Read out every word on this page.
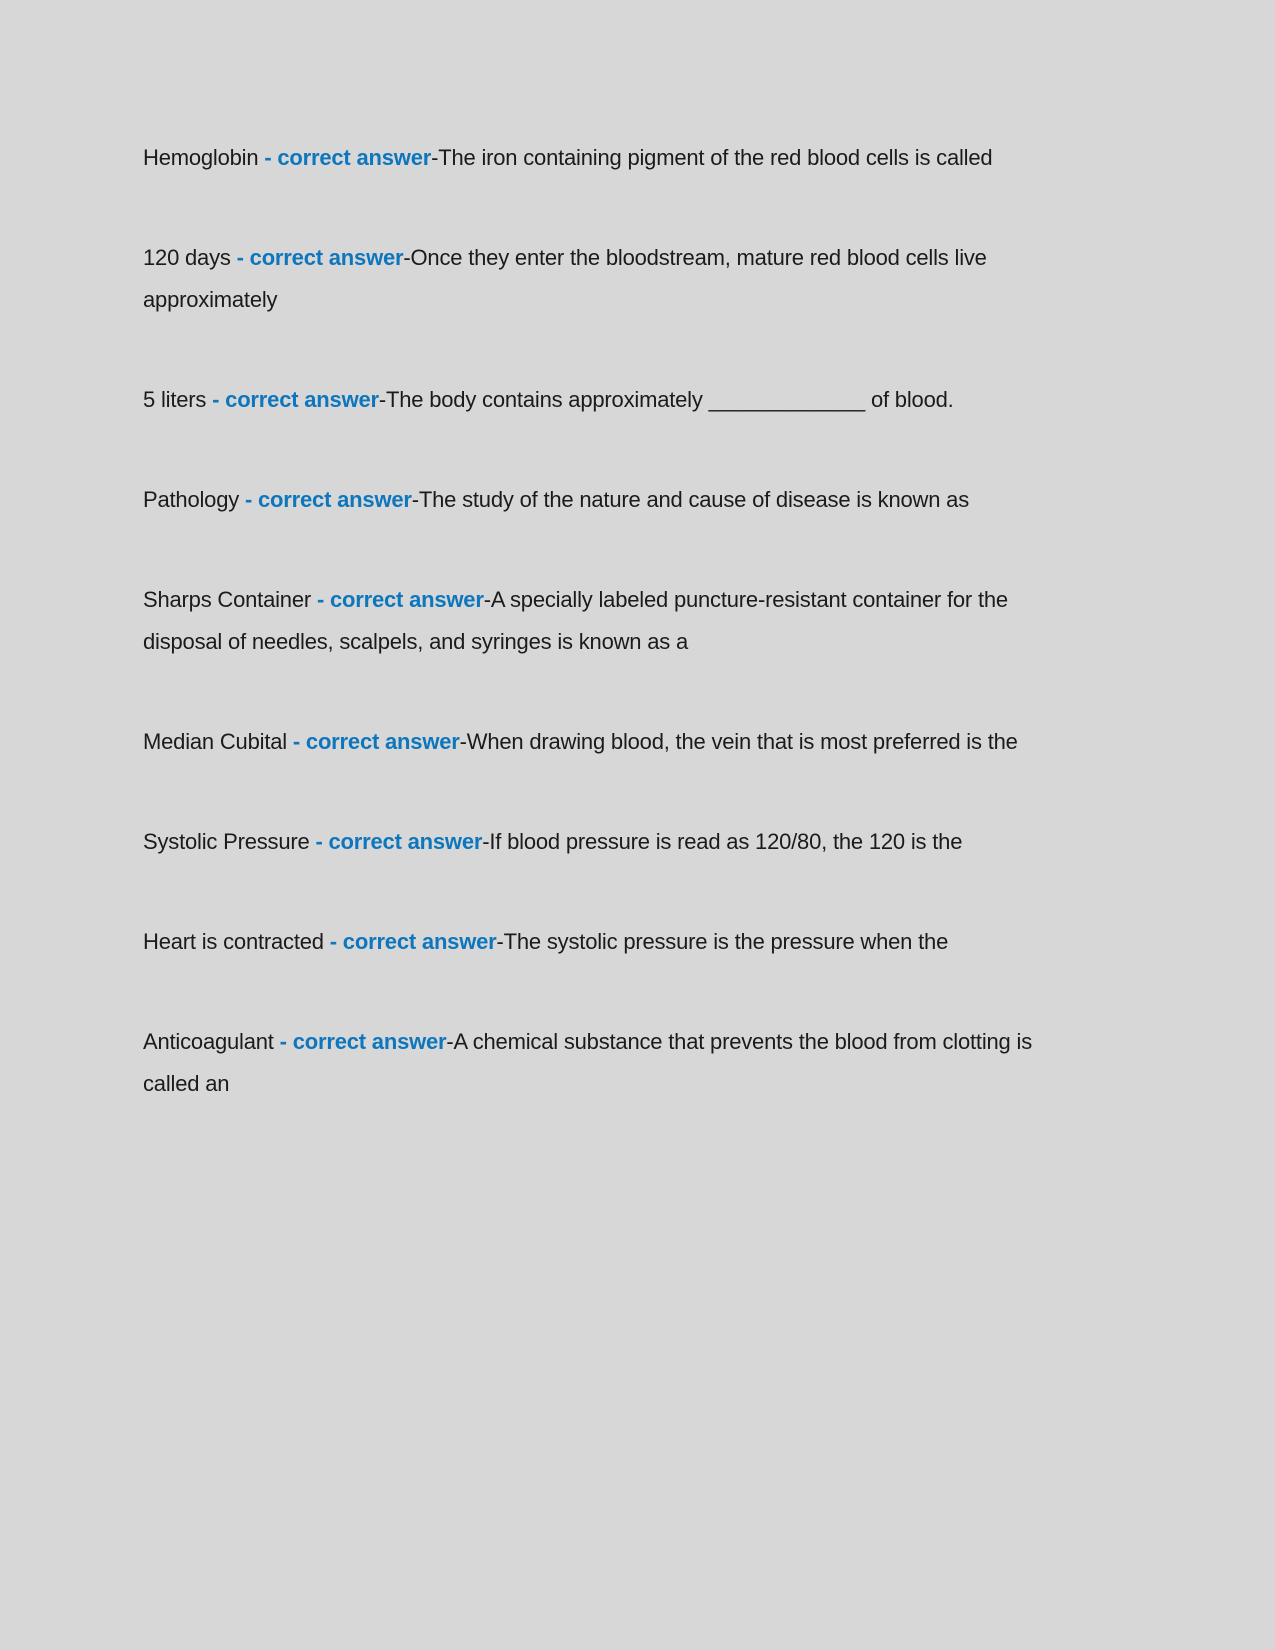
Hemoglobin - correct answer-The iron containing pigment of the red blood cells is called

120 days - correct answer-Once they enter the bloodstream, mature red blood cells live approximately

5 liters - correct answer-The body contains approximately _____________ of blood.

Pathology - correct answer-The study of the nature and cause of disease is known as

Sharps Container - correct answer-A specially labeled puncture-resistant container for the disposal of needles, scalpels, and syringes is known as a

Median Cubital - correct answer-When drawing blood, the vein that is most preferred is the

Systolic Pressure - correct answer-If blood pressure is read as 120/80, the 120 is the

Heart is contracted - correct answer-The systolic pressure is the pressure when the

Anticoagulant - correct answer-A chemical substance that prevents the blood from clotting is called an
